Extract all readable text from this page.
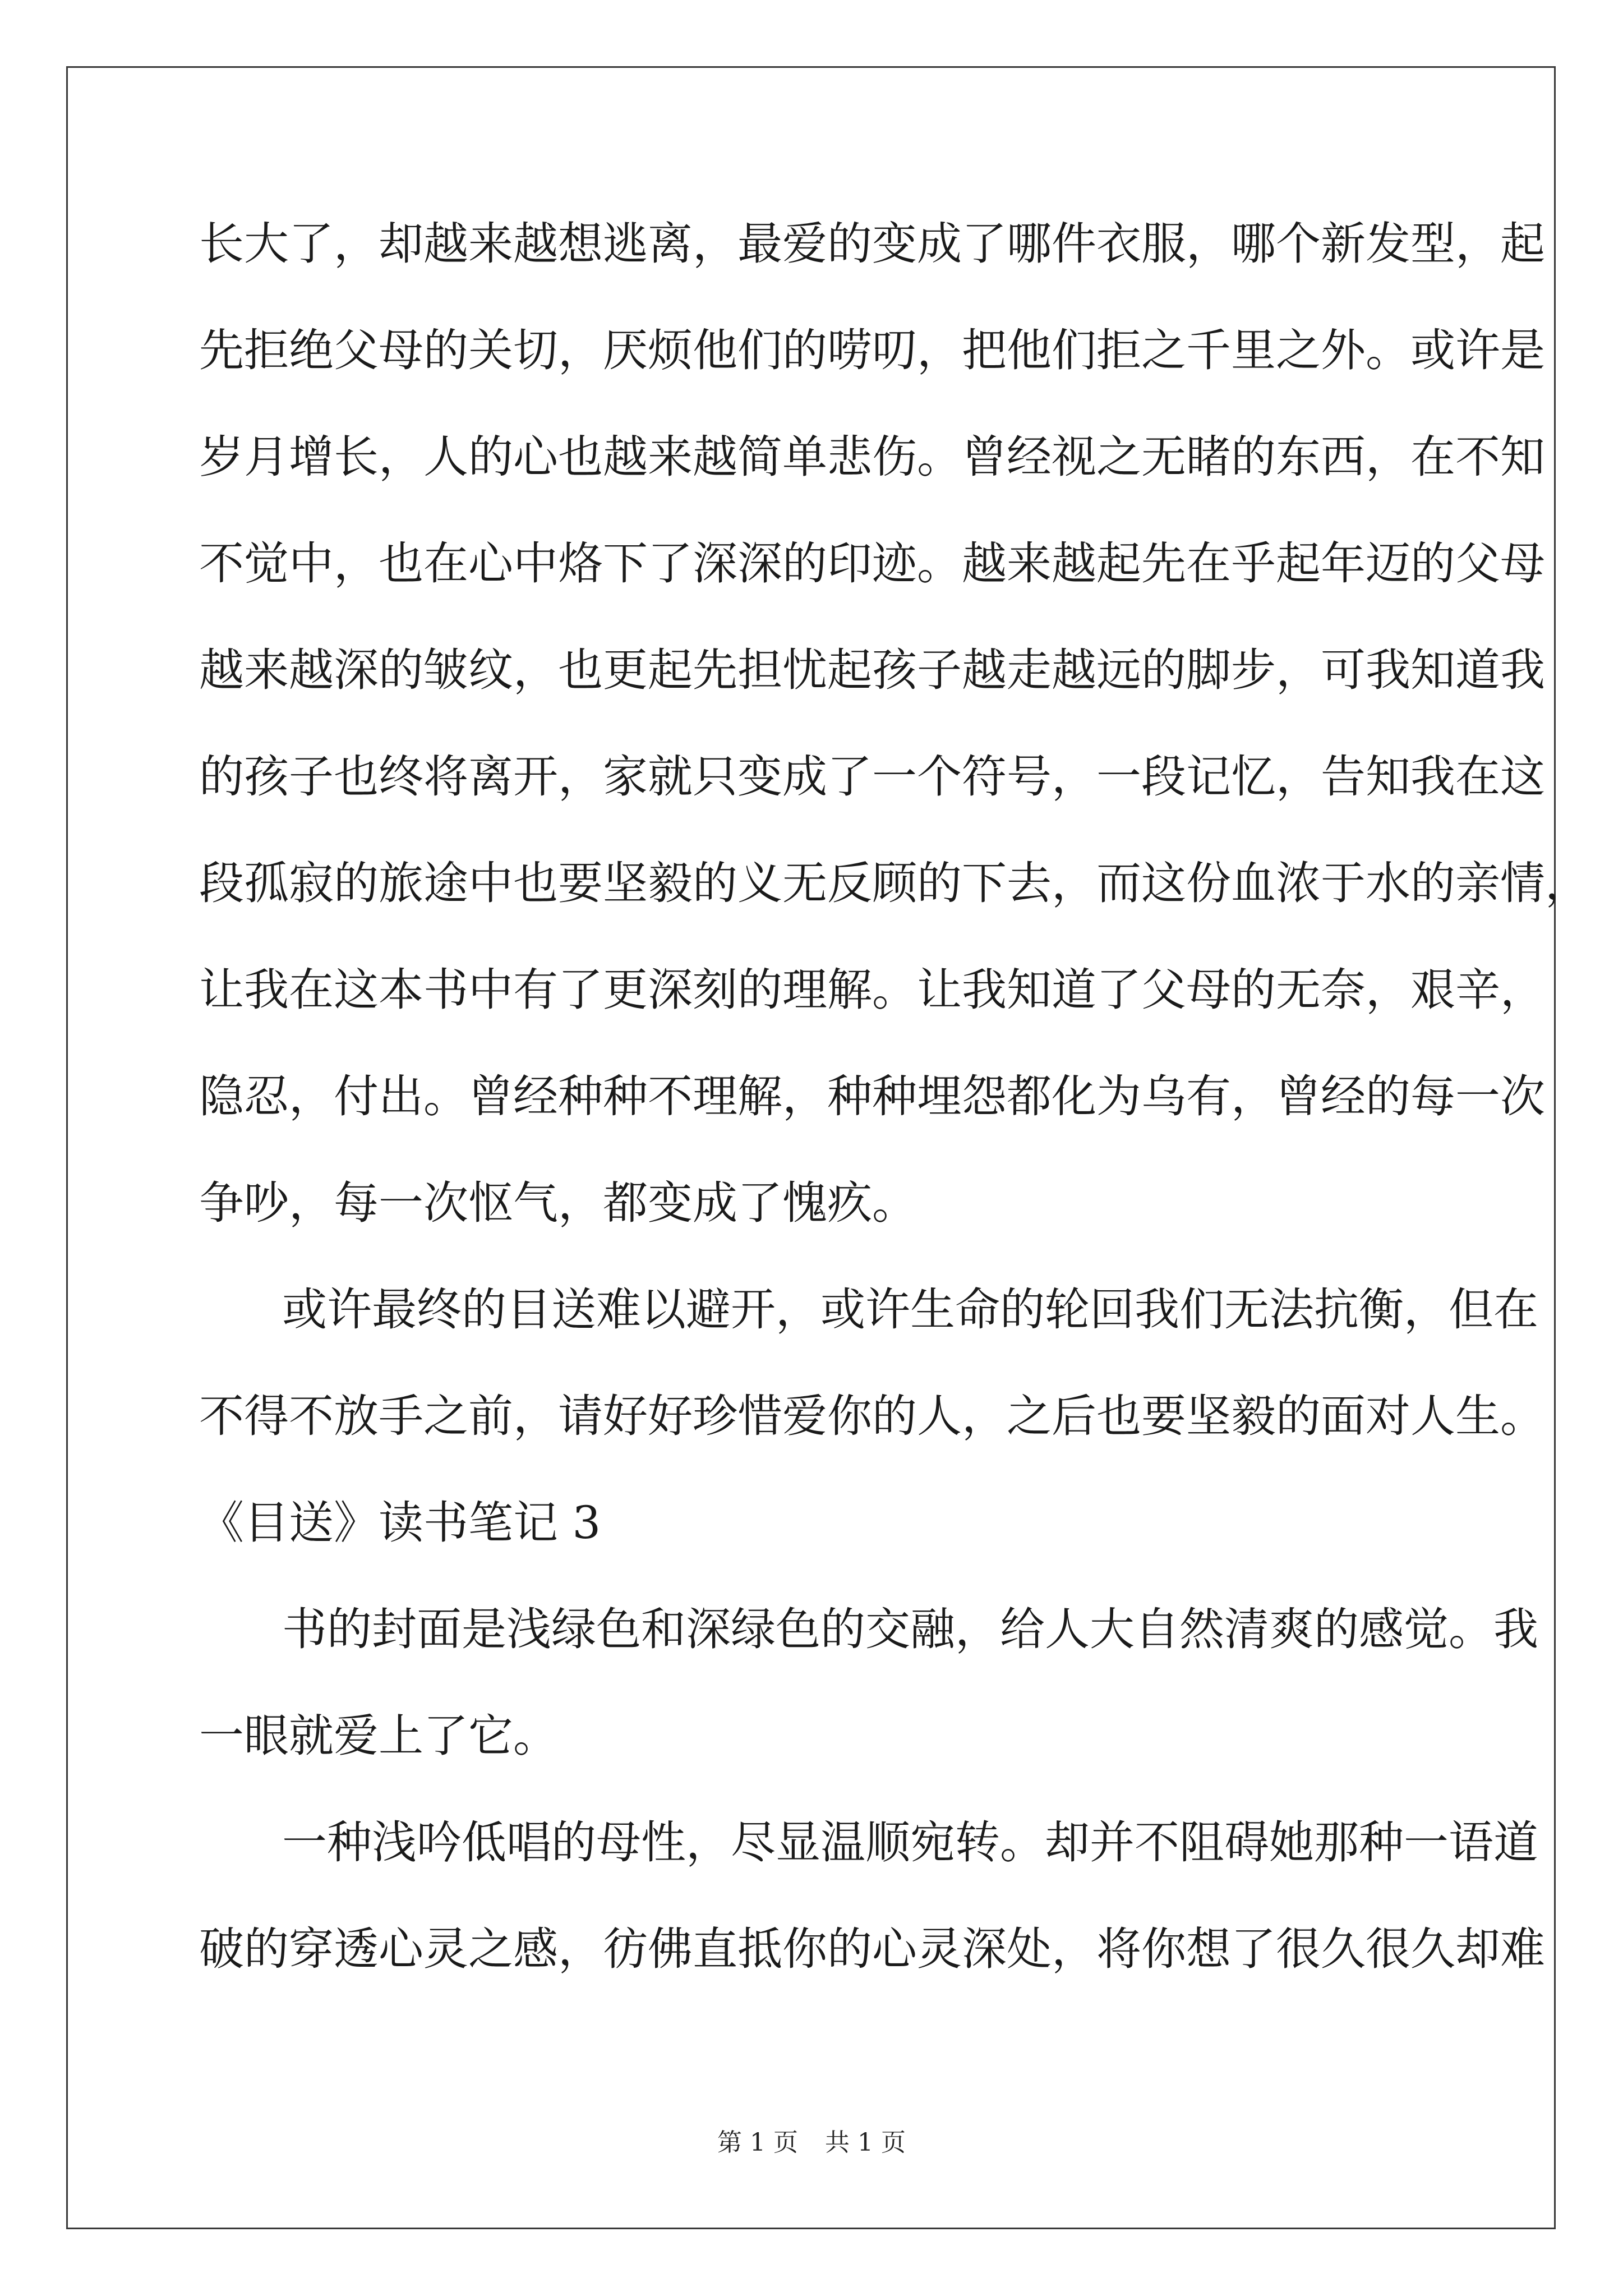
长大了，却越来越想逃离，最爱的变成了哪件衣服，哪个新发型，起
先拒绝父母的关切，厌烦他们的唠叨，把他们拒之千里之外。或许是
岁月增长，人的心也越来越简单悲伤。曾经视之无睹的东西，在不知
不觉中，也在心中烙下了深深的印迹。越来越起先在乎起年迈的父母
越来越深的皱纹，也更起先担忧起孩子越走越远的脚步，可我知道我
的孩子也终将离开，家就只变成了一个符号，一段记忆，告知我在这
段孤寂的旅途中也要坚毅的义无反顾的下去，而这份血浓于水的亲情，
让我在这本书中有了更深刻的理解。让我知道了父母的无奈，艰辛，
隐忍，付出。曾经种种不理解，种种埋怨都化为乌有，曾经的每一次
争吵，每一次怄气，都变成了愧疚。
或许最终的目送难以避开，或许生命的轮回我们无法抗衡，但在
不得不放手之前，请好好珍惜爱你的人，之后也要坚毅的面对人生。
《目送》读书笔记 3
书的封面是浅绿色和深绿色的交融，给人大自然清爽的感觉。我
一眼就爱上了它。
一种浅吟低唱的母性，尽显温顺宛转。却并不阻碍她那种一语道
破的穿透心灵之感，彷佛直抵你的心灵深处，将你想了很久很久却难
第 1 页 共 1 页
